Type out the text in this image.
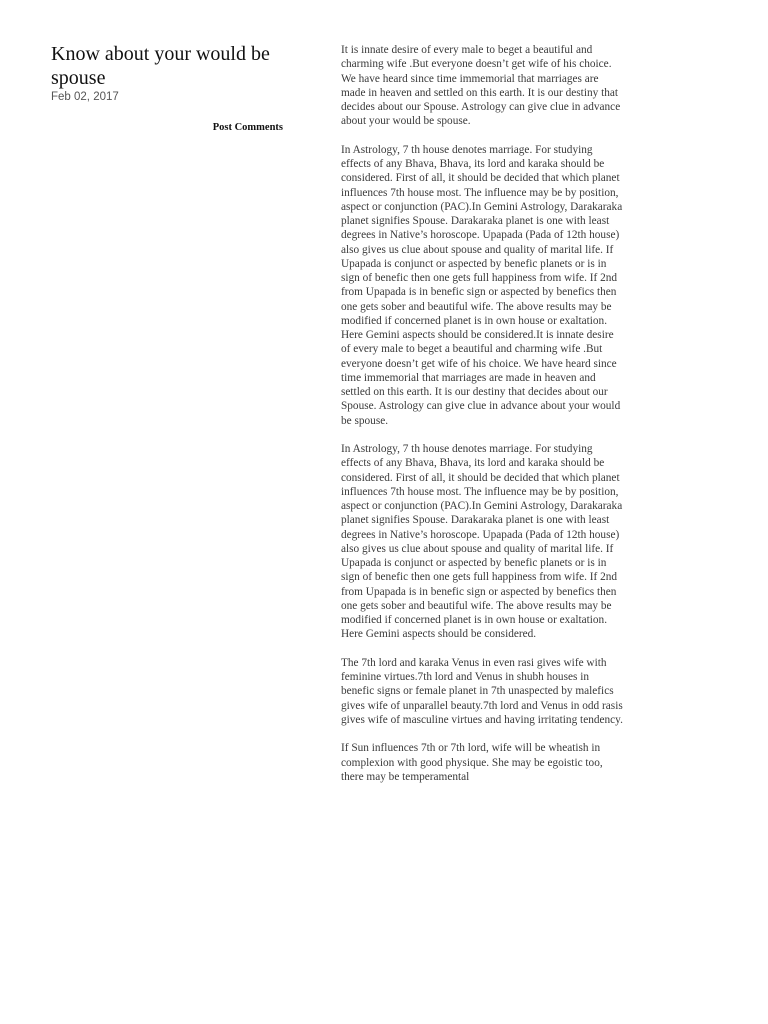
Know about your would be spouse
Feb 02, 2017
Post Comments

It is innate desire of every male to beget a beautiful and charming wife .But everyone doesn’t get wife of his choice. We have heard since time immemorial that marriages are made in heaven and settled on this earth. It is our destiny that decides about our Spouse. Astrology can give clue in advance about your would be spouse.

In Astrology, 7 th house denotes marriage. For studying effects of any Bhava, Bhava, its lord and karaka should be considered. First of all, it should be decided that which planet influences 7th house most. The influence may be by position, aspect or conjunction (PAC).In Gemini Astrology, Darakaraka planet signifies Spouse. Darakaraka planet is one with least degrees in Native’s horoscope. Upapada (Pada of 12th house) also gives us clue about spouse and quality of marital life. If Upapada is conjunct or aspected by benefic planets or is in sign of benefic then one gets full happiness from wife. If 2nd from Upapada is in benefic sign or aspected by benefics then one gets sober and beautiful wife. The above results may be modified if concerned planet is in own house or exaltation. Here Gemini aspects should be considered.It is innate desire of every male to beget a beautiful and charming wife .But everyone doesn’t get wife of his choice. We have heard since time immemorial that marriages are made in heaven and settled on this earth. It is our destiny that decides about our Spouse. Astrology can give clue in advance about your would be spouse.

In Astrology, 7 th house denotes marriage. For studying effects of any Bhava, Bhava, its lord and karaka should be considered. First of all, it should be decided that which planet influences 7th house most. The influence may be by position, aspect or conjunction (PAC).In Gemini Astrology, Darakaraka planet signifies Spouse. Darakaraka planet is one with least degrees in Native’s horoscope. Upapada (Pada of 12th house) also gives us clue about spouse and quality of marital life. If Upapada is conjunct or aspected by benefic planets or is in sign of benefic then one gets full happiness from wife. If 2nd from Upapada is in benefic sign or aspected by benefics then one gets sober and beautiful wife. The above results may be modified if concerned planet is in own house or exaltation. Here Gemini aspects should be considered.

The 7th lord and karaka Venus in even rasi gives wife with feminine virtues.7th lord and Venus in shubh houses in benefic signs or female planet in 7th unaspected by malefics gives wife of unparallel beauty.7th lord and Venus in odd rasis gives wife of masculine virtues and having irritating tendency.

If Sun influences 7th or 7th lord, wife will be wheatish in complexion with good physique. She may be egoistic too, there may be temperamental
